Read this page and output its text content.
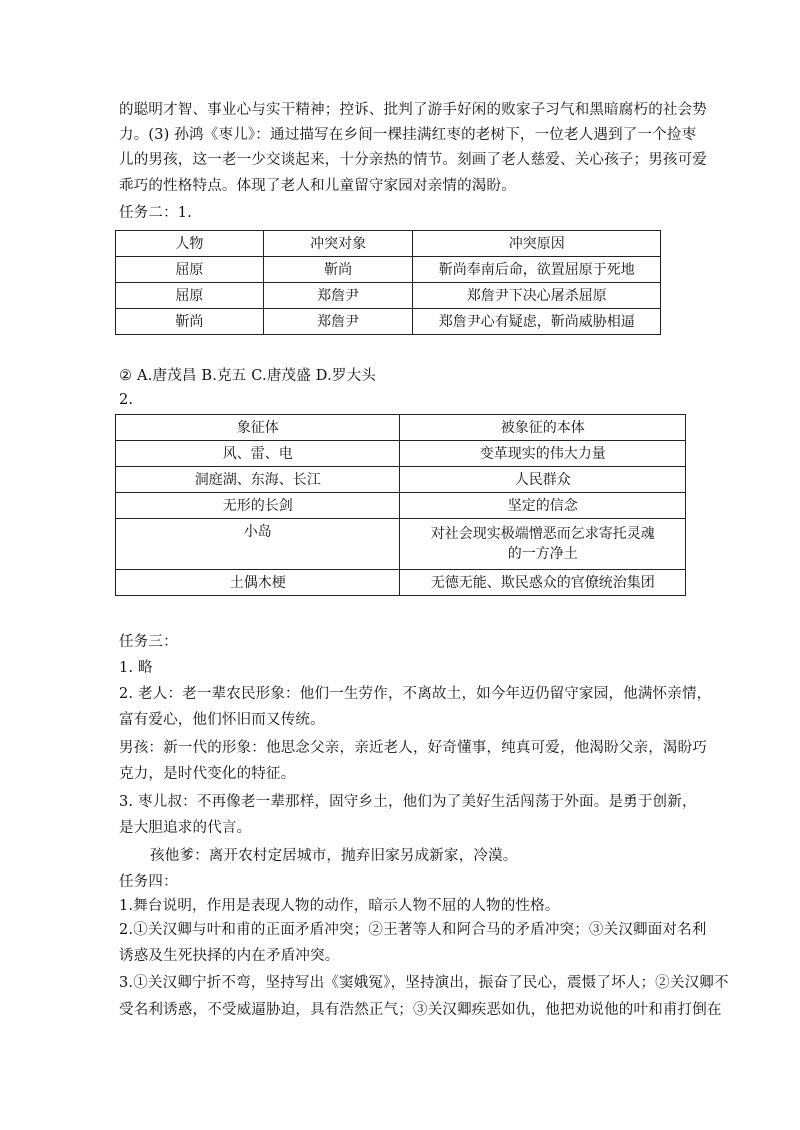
的聪明才智、事业心与实干精神；控诉、批判了游手好闲的败家子习气和黑暗腐朽的社会势
力。(3) 孙鸿《枣儿》：通过描写在乡间一棵挂满红枣的老树下，一位老人遇到了一个捡枣
儿的男孩，这一老一少交谈起来，十分亲热的情节。刻画了老人慈爱、关心孩子；男孩可爱
乖巧的性格特点。体现了老人和儿童留守家园对亲情的渴盼。
任务二：1.
人物	冲突对象	冲突原因
屈原	靳尚	靳尚奉南后命，欲置屈原于死地
屈原	郑詹尹	郑詹尹下决心屠杀屈原
靳尚	郑詹尹	郑詹尹心有疑虑，靳尚威胁相逼
② A.唐茂昌 B.克五 C.唐茂盛 D.罗大头
2.
象征体	被象征的本体
风、雷、电	变革现实的伟大力量
洞庭湖、东海、长江	人民群众
无形的长剑	坚定的信念
小岛	对社会现实极端憎恶而乞求寄托灵魂的一方净土
土偶木梗	无德无能、欺民惑众的官僚统治集团
任务三：
1. 略
2. 老人：老一辈农民形象：他们一生劳作，不离故土，如今年迈仍留守家园，他满怀亲情，
富有爱心，他们怀旧而又传统。
男孩：新一代的形象：他思念父亲，亲近老人，好奇懂事，纯真可爱，他渴盼父亲，渴盼巧
克力，是时代变化的特征。
3. 枣儿叔：不再像老一辈那样，固守乡土，他们为了美好生活闯荡于外面。是勇于创新，
是大胆追求的代言。
孩他爹：离开农村定居城市，抛弃旧家另成新家，冷漠。
任务四：
1.舞台说明，作用是表现人物的动作，暗示人物不屈的人物的性格。
2.①关汉卿与叶和甫的正面矛盾冲突；②王著等人和阿合马的矛盾冲突；③关汉卿面对名利
诱惑及生死抉择的内在矛盾冲突。
3.①关汉卿宁折不弯，坚持写出《窦娥冤》，坚持演出，振奋了民心，震慑了坏人；②关汉卿不
受名利诱惑，不受威逼胁迫，具有浩然正气；③关汉卿疾恶如仇，他把劝说他的叶和甫打倒在
